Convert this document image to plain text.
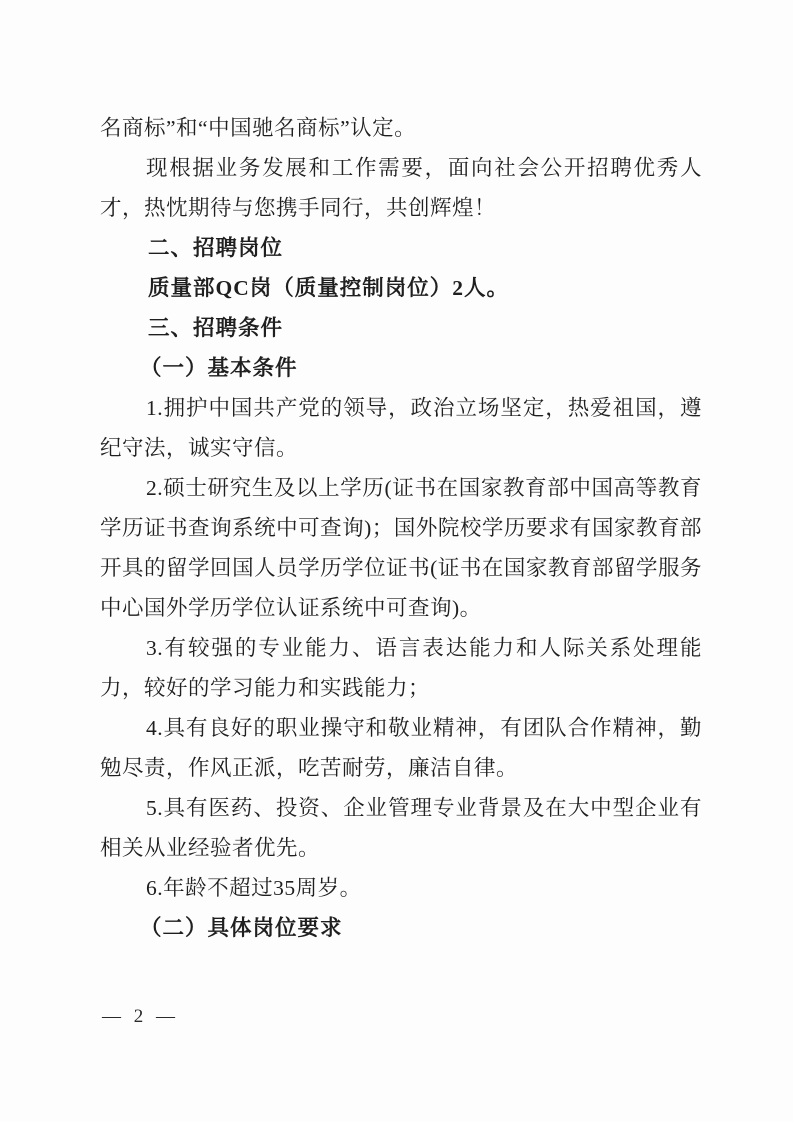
名商标”和“中国驰名商标”认定。

现根据业务发展和工作需要，面向社会公开招聘优秀人才，热忱期待与您携手同行，共创辉煌！

二、招聘岗位

质量部QC岗（质量控制岗位）2人。

三、招聘条件

（一）基本条件

1.拥护中国共产党的领导，政治立场坚定，热爱祖国，遵纪守法，诚实守信。

2.硕士研究生及以上学历(证书在国家教育部中国高等教育学历证书查询系统中可查询)；国外院校学历要求有国家教育部开具的留学回国人员学历学位证书(证书在国家教育部留学服务中心国外学历学位认证系统中可查询)。

3.有较强的专业能力、语言表达能力和人际关系处理能力，较好的学习能力和实践能力；

4.具有良好的职业操守和敬业精神，有团队合作精神，勤勉尽责，作风正派，吃苦耐劳，廉洁自律。

5.具有医药、投资、企业管理专业背景及在大中型企业有相关从业经验者优先。

6.年龄不超过35周岁。

（二）具体岗位要求

— 2 —
